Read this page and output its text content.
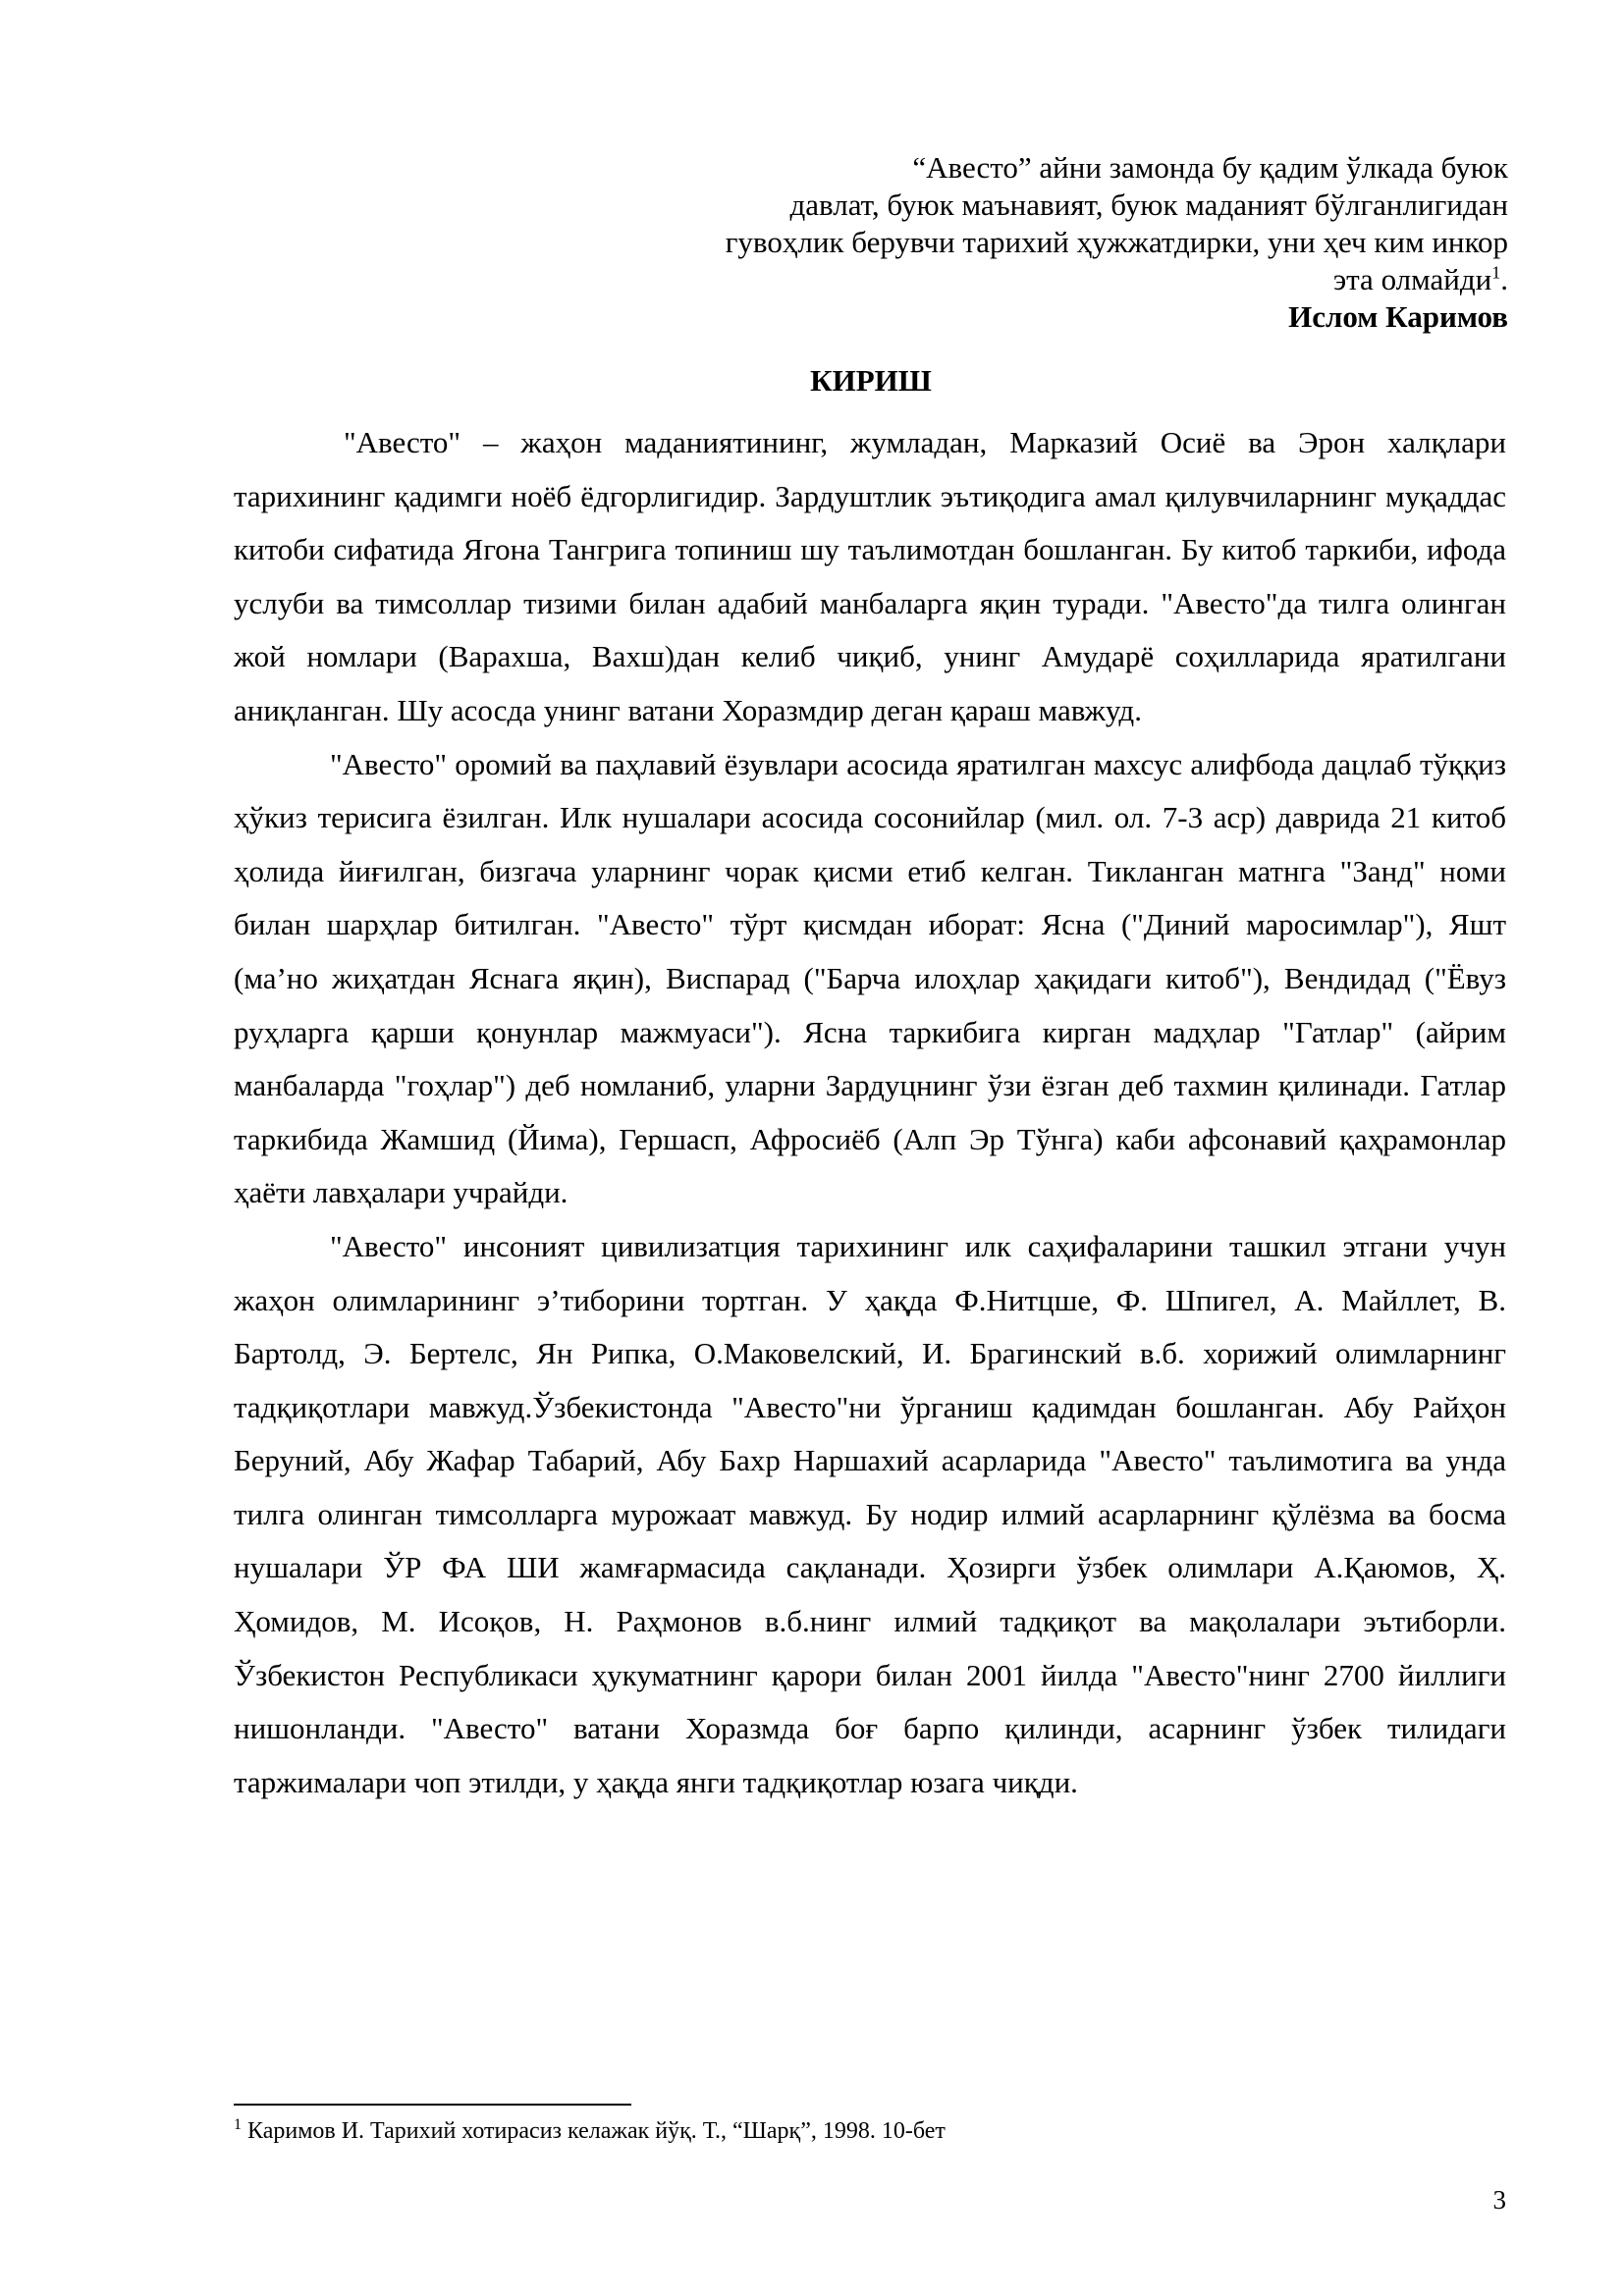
“Авесто” айни замонда бу қадим ўлкада буюк
давлат, буюк маънавият, буюк маданият бўлганлигидан
гувоҳлик берувчи тарихий ҳужжатдирки, уни ҳеч ким инкор
эта олмайди$^1$.
Ислом Каримов
КИРИШ

"Авесто" – жаҳон маданиятининг, жумладан, Марказий Осиё ва Эрон халқлари тарихининг қадимги ноёб ёдгорлигидир. Зардуштлик эътиқодига амал қилувчиларнинг муқаддас китоби сифатида Ягона Тангрига топиниш шу таълимотдан бошланган. Бу китоб таркиби, ифода услуби ва тимсоллар тизими билан адабий манбаларга яқин туради. "Авесто"да тилга олинган жой номлари (Варахша, Вахш)дан келиб чиқиб, унинг Амударё соҳилларида яратилгани аниқланган. Шу асосда унинг ватани Хоразмдир деган қараш мавжуд.

"Авесто" оромий ва паҳлавий ёзувлари асосида яратилган махсус алифбода дацлаб тўққиз ҳўкиз терисига ёзилган. Илк нушалари асосида сосонийлар (мил. ол. 7-3 аср) даврида 21 китоб ҳолида йиғилган, бизгача уларнинг чорак қисми етиб келган. Тикланган матнга "Занд" номи билан шарҳлар битилган. "Авесто" тўрт қисмдан иборат: Ясна ("Диний маросимлар"), Яшт (ма’но жиҳатдан Яснага яқин), Виспарад ("Барча илоҳлар ҳақидаги китоб"), Вендидад ("Ёвуз руҳларга қарши қонунлар мажмуаси"). Ясна таркибига кирган мадҳлар "Гатлар" (айрим манбаларда "гоҳлар") деб номланиб, уларни Зардуцнинг ўзи ёзган деб тахмин қилинади. Гатлар таркибида Жамшид (Йима), Гершасп, Афросиёб (Алп Эр Тўнга) каби афсонавий қаҳрамонлар ҳаёти лавҳалари учрайди.

"Авесто" инсоният цивилизатция тарихининг илк саҳифаларини ташкил этгани учун жаҳон олимларининг э’тиборини тортган. У ҳақда Ф.Нитцше, Ф. Шпигел, А. Майллет, В. Бартолд, Э. Бертелс, Ян Рипка, О.Маковелский, И. Брагинский в.б. хорижий олимларнинг тадқиқотлари мавжуд.Ўзбекистонда "Авесто"ни ўрганиш қадимдан бошланган. Абу Райҳон Беруний, Абу Жафар Табарий, Абу Бахр Наршахий асарларида "Авесто" таълимотига ва унда тилга олинган тимсолларга мурожаат мавжуд. Бу нодир илмий асарларнинг қўлёзма ва босма нушалари ЎР ФА ШИ жамғармасида сақланади. Ҳозирги ўзбек олимлари А.Қаюмов, Ҳ. Ҳомидов, М. Исоқов, Н. Раҳмонов в.б.нинг илмий тадқиқот ва мақолалари эътиборли. Ўзбекистон Республикаси ҳукуматнинг қарори билан 2001 йилда "Авесто"нинг 2700 йиллиги нишонланди. "Авесто" ватани Хоразмда боғ барпо қилинди, асарнинг ўзбек тилидаги таржималари чоп этилди, у ҳақда янги тадқиқотлар юзага чиқди.

$^1$ Каримов И. Тарихий хотирасиз келажак йўқ. Т., “Шарқ”, 1998. 10-бет
3
